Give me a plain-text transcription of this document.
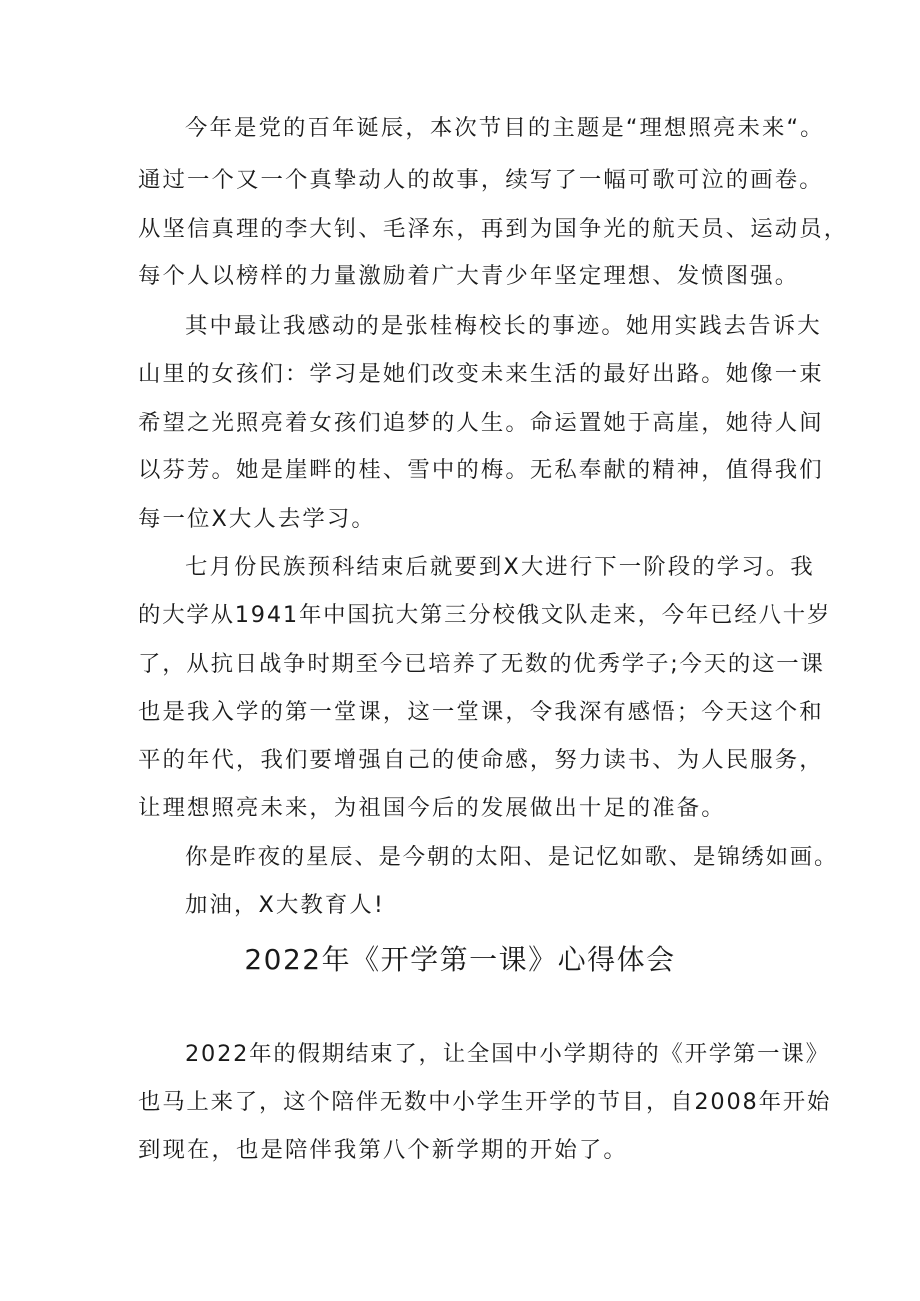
今年是党的百年诞辰，本次节目的主题是“理想照亮未来“。
通过一个又一个真挚动人的故事，续写了一幅可歌可泣的画卷。
从坚信真理的李大钊、毛泽东，再到为国争光的航天员、运动员，
每个人以榜样的力量激励着广大青少年坚定理想、发愤图强。
其中最让我感动的是张桂梅校长的事迹。她用实践去告诉大
山里的女孩们：学习是她们改变未来生活的最好出路。她像一束
希望之光照亮着女孩们追梦的人生。命运置她于高崖，她待人间
以芬芳。她是崖畔的桂、雪中的梅。无私奉献的精神，值得我们
每一位X大人去学习。
七月份民族预科结束后就要到X大进行下一阶段的学习。我
的大学从1941年中国抗大第三分校俄文队走来，今年已经八十岁
了，从抗日战争时期至今已培养了无数的优秀学子;今天的这一课
也是我入学的第一堂课，这一堂课，令我深有感悟；今天这个和
平的年代，我们要增强自己的使命感，努力读书、为人民服务，
让理想照亮未来，为祖国今后的发展做出十足的准备。
你是昨夜的星辰、是今朝的太阳、是记忆如歌、是锦绣如画。
加油，X大教育人!
2022年《开学第一课》心得体会
2022年的假期结束了，让全国中小学期待的《开学第一课》
也马上来了，这个陪伴无数中小学生开学的节目，自2008年开始
到现在，也是陪伴我第八个新学期的开始了。
